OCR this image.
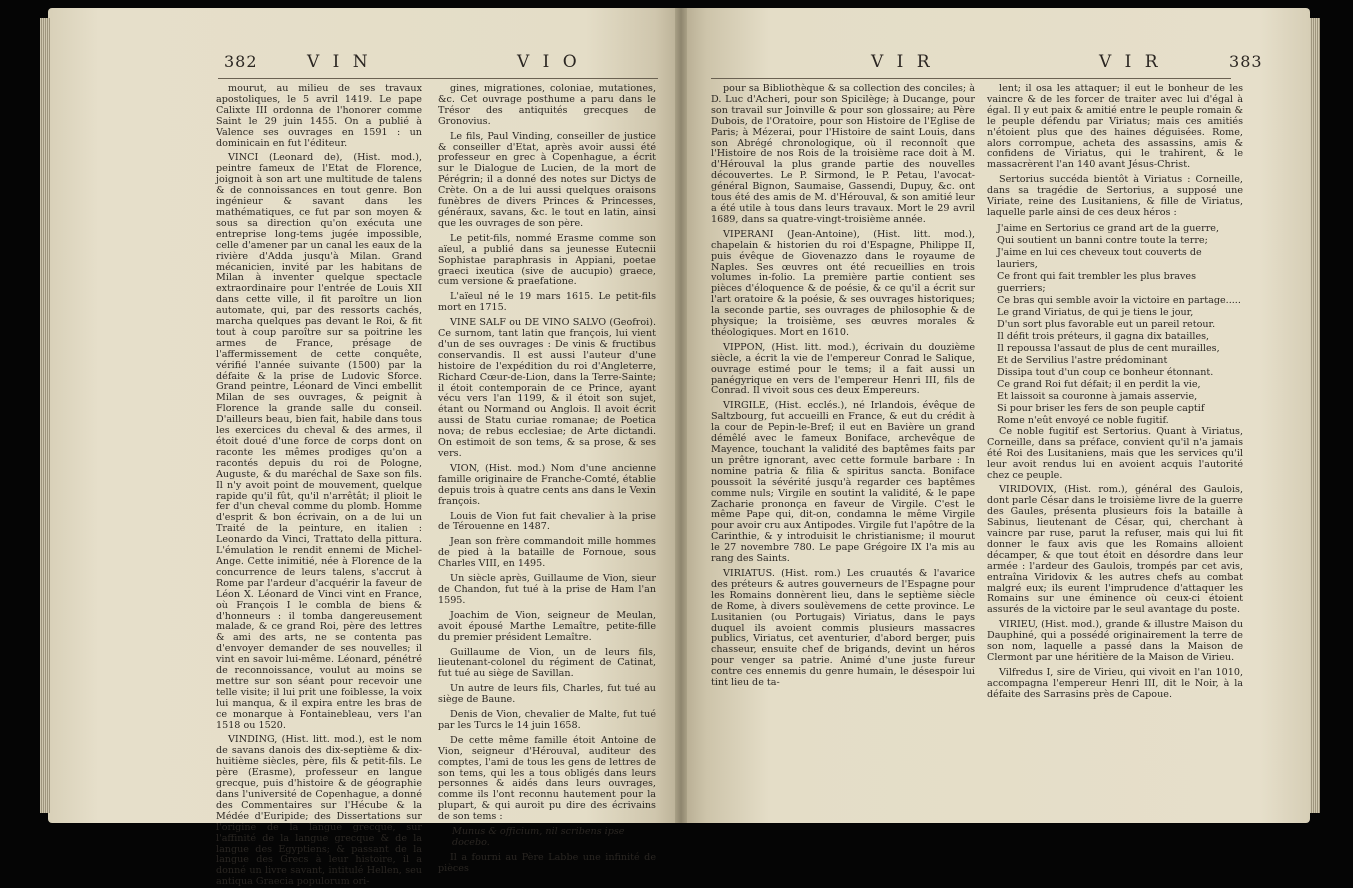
382	V I N	V I O

mourut, au milieu de ses travaux apostoliques, le 5 avril 1419. Le pape Calixte III ordonna de l'honorer comme Saint le 29 juin 1455. On a publié à Valence ses ouvrages en 1591 : un dominicain en fut l'éditeur.

VINCI (Leonard de), (Hist. mod.), peintre fameux de l'Etat de Florence, joignoit à son art une multitude de talens & de connoissances en tout genre. Bon ingénieur & savant dans les mathématiques, ce fut par son moyen & sous sa direction qu'on exécuta une entreprise long-tems jugée impossible, celle d'amener par un canal les eaux de la rivière d'Adda jusqu'à Milan. Grand mécanicien, invité par les habitans de Milan à inventer quelque spectacle extraordinaire pour l'entrée de Louis XII dans cette ville, il fit paroître un lion automate, qui, par des ressorts cachés, marcha quelques pas devant le Roi, & fit tout à coup paroître sur sa poitrine les armes de France, présage de l'affermissement de cette conquête, vérifié l'année suivante (1500) par la défaite & la prise de Ludovic Sforce. Grand peintre, Léonard de Vinci embellit Milan de ses ouvrages, & peignit à Florence la grande salle du conseil. D'ailleurs beau, bien fait, habile dans tous les exercices du cheval & des armes, il étoit doué d'une force de corps dont on raconte les mêmes prodiges qu'on a racontés depuis du roi de Pologne, Auguste, & du maréchal de Saxe son fils. Il n'y avoit point de mouvement, quelque rapide qu'il fût, qu'il n'arrêtât; il plioit le fer d'un cheval comme du plomb. Homme d'esprit & bon écrivain, on a de lui un Traité de la peinture, en italien : Leonardo da Vinci, Trattato della pittura. L'émulation le rendit ennemi de Michel-Ange. Cette inimitié, née à Florence de la concurrence de leurs talens, s'accrut à Rome par l'ardeur d'acquérir la faveur de Léon X. Léonard de Vinci vint en France, où François I le combla de biens & d'honneurs : il tomba dangereusement malade, & ce grand Roi, père des lettres & ami des arts, ne se contenta pas d'envoyer demander de ses nouvelles; il vint en savoir lui-même. Léonard, pénétré de reconnoissance, voulut au moins se mettre sur son séant pour recevoir une telle visite; il lui prit une foiblesse, la voix lui manqua, & il expira entre les bras de ce monarque à Fontainebleau, vers l'an 1518 ou 1520.

VINDING, (Hist. litt. mod.), est le nom de savans danois des dix-septième & dix-huitième siècles, père, fils & petit-fils. Le père (Erasme), professeur en langue grecque, puis d'histoire & de géographie dans l'université de Copenhague, a donné des Commentaires sur l'Hécube & la Médée d'Euripide; des Dissertations sur l'origine de la langue grecque, sur l'affinité de la langue grecque & de la langue des Egyptiens; & passant de la langue des Grecs à leur histoire, il a donné un livre savant, intitulé Hellen, seu antiqua Graecia populorum ori-

gines, migrationes, coloniae, mutationes, &c. Cet ouvrage posthume a paru dans le Trésor des antiquités grecques de Gronovius.

Le fils, Paul Vinding, conseiller de justice & conseiller d'Etat, après avoir aussi été professeur en grec à Copenhague, a écrit sur le Dialogue de Lucien, de la mort de Pérégrin; il a donné des notes sur Dictys de Crète. On a de lui aussi quelques oraisons funèbres de divers Princes & Princesses, généraux, savans, &c. le tout en latin, ainsi que les ouvrages de son père.

Le petit-fils, nommé Erasme comme son aïeul, a publié dans sa jeunesse Eutecnii Sophistae paraphrasis in Appiani, poetae graeci ixeutica (sive de aucupio) graece, cum versione & praefatione.

L'aïeul né le 19 mars 1615. Le petit-fils mort en 1715.

VINE SALF ou DE VINO SALVO (Geofroi). Ce surnom, tant latin que françois, lui vient d'un de ses ouvrages : De vinis & fructibus conservandis. Il est aussi l'auteur d'une histoire de l'expédition du roi d'Angleterre, Richard Cœur-de-Lion, dans la Terre-Sainte; il étoit contemporain de ce Prince, ayant vécu vers l'an 1199, & il étoit son sujet, étant ou Normand ou Anglois. Il avoit écrit aussi de Statu curiae romanae; de Poetica nova; de rebus ecclesiae; de Arte dictandi. On estimoit de son tems, & sa prose, & ses vers.

VION, (Hist. mod.) Nom d'une ancienne famille originaire de Franche-Comté, établie depuis trois à quatre cents ans dans le Vexin françois.

Louis de Vion fut fait chevalier à la prise de Térouenne en 1487.

Jean son frère commandoit mille hommes de pied à la bataille de Fornoue, sous Charles VIII, en 1495.

Un siècle après, Guillaume de Vion, sieur de Chandon, fut tué à la prise de Ham l'an 1595.

Joachim de Vion, seigneur de Meulan, avoit épousé Marthe Lemaître, petite-fille du premier président Lemaître.

Guillaume de Vion, un de leurs fils, lieutenant-colonel du régiment de Catinat, fut tué au siège de Savillan.

Un autre de leurs fils, Charles, fut tué au siège de Baune.

Denis de Vion, chevalier de Malte, fut tué par les Turcs le 14 juin 1658.

De cette même famille étoit Antoine de Vion, seigneur d'Hérouval, auditeur des comptes, l'ami de tous les gens de lettres de son tems, qui les a tous obligés dans leurs personnes & aidés dans leurs ouvrages, comme ils l'ont reconnu hautement pour la plupart, & qui auroit pu dire des écrivains de son tems :

Munus & officium, nil scribens ipse docebo.

Il a fourni au Père Labbe une infinité de pièces

V I R	V I R	383

pour sa Bibliothèque & sa collection des conciles; à D. Luc d'Acheri, pour son Spicilège; à Ducange, pour son travail sur Joinville & pour son glossaire; au Père Dubois, de l'Oratoire, pour son Histoire de l'Eglise de Paris; à Mézerai, pour l'Histoire de saint Louis, dans son Abrégé chronologique, où il reconnoît que l'Histoire de nos Rois de la troisième race doit à M. d'Hérouval la plus grande partie des nouvelles découvertes. Le P. Sirmond, le P. Petau, l'avocat-général Bignon, Saumaise, Gassendi, Dupuy, &c. ont tous été des amis de M. d'Hérouval, & son amitié leur a été utile à tous dans leurs travaux. Mort le 29 avril 1689, dans sa quatre-vingt-troisième année.

VIPERANI (Jean-Antoine), (Hist. litt. mod.), chapelain & historien du roi d'Espagne, Philippe II, puis évêque de Giovenazzo dans le royaume de Naples. Ses œuvres ont été recueillies en trois volumes in-folio. La première partie contient ses pièces d'éloquence & de poésie, & ce qu'il a écrit sur l'art oratoire & la poésie, & ses ouvrages historiques; la seconde partie, ses ouvrages de philosophie & de physique; la troisième, ses œuvres morales & théologiques. Mort en 1610.

VIPPON, (Hist. litt. mod.), écrivain du douzième siècle, a écrit la vie de l'empereur Conrad le Salique, ouvrage estimé pour le tems; il a fait aussi un panégyrique en vers de l'empereur Henri III, fils de Conrad. Il vivoit sous ces deux Empereurs.

VIRGILE, (Hist. ecclés.), né Irlandois, évêque de Saltzbourg, fut accueilli en France, & eut du crédit à la cour de Pepin-le-Bref; il eut en Bavière un grand démêlé avec le fameux Boniface, archevêque de Mayence, touchant la validité des baptêmes faits par un prêtre ignorant, avec cette formule barbare : In nomine patria & filia & spiritus sancta. Boniface poussoit la sévérité jusqu'à regarder ces baptêmes comme nuls; Virgile en soutint la validité, & le pape Zacharie prononça en faveur de Virgile. C'est le même Pape qui, dit-on, condamna le même Virgile pour avoir cru aux Antipodes. Virgile fut l'apôtre de la Carinthie, & y introduisit le christianisme; il mourut le 27 novembre 780. Le pape Grégoire IX l'a mis au rang des Saints.

VIRIATUS. (Hist. rom.) Les cruautés & l'avarice des préteurs & autres gouverneurs de l'Espagne pour les Romains donnèrent lieu, dans le septième siècle de Rome, à divers soulèvemens de cette province. Le Lusitanien (ou Portugais) Viriatus, dans le pays duquel ils avoient commis plusieurs massacres publics, Viriatus, cet aventurier, d'abord berger, puis chasseur, ensuite chef de brigands, devint un héros pour venger sa patrie. Animé d'une juste fureur contre ces ennemis du genre humain, le désespoir lui tint lieu de ta-

lent; il osa les attaquer; il eut le bonheur de les vaincre & de les forcer de traiter avec lui d'égal à égal. Il y eut paix & amitié entre le peuple romain & le peuple défendu par Viriatus; mais ces amitiés n'étoient plus que des haines déguisées. Rome, alors corrompue, acheta des assassins, amis & confidens de Viriatus, qui le trahirent, & le massacrèrent l'an 140 avant Jésus-Christ.

Sertorius succéda bientôt à Viriatus : Corneille, dans sa tragédie de Sertorius, a supposé une Viriate, reine des Lusitaniens, & fille de Viriatus, laquelle parle ainsi de ces deux héros :

J'aime en Sertorius ce grand art de la guerre,

Qui soutient un banni contre toute la terre;

J'aime en lui ces cheveux tout couverts de lauriers,

Ce front qui fait trembler les plus braves guerriers;

Ce bras qui semble avoir la victoire en partage.....

Le grand Viriatus, de qui je tiens le jour,

D'un sort plus favorable eut un pareil retour.

Il défit trois préteurs, il gagna dix batailles,

Il repoussa l'assaut de plus de cent murailles,

Et de Servilius l'astre prédominant

Dissipa tout d'un coup ce bonheur étonnant.

Ce grand Roi fut défait; il en perdit la vie,

Et laissoit sa couronne à jamais asservie,

Si pour briser les fers de son peuple captif

Rome n'eût envoyé ce noble fugitif.

Ce noble fugitif est Sertorius. Quant à Viriatus, Corneille, dans sa préface, convient qu'il n'a jamais été Roi des Lusitaniens, mais que les services qu'il leur avoit rendus lui en avoient acquis l'autorité chez ce peuple.

VIRIDOVIX, (Hist. rom.), général des Gaulois, dont parle César dans le troisième livre de la guerre des Gaules, présenta plusieurs fois la bataille à Sabinus, lieutenant de César, qui, cherchant à vaincre par ruse, parut la refuser, mais qui lui fit donner le faux avis que les Romains alloient décamper, & que tout étoit en désordre dans leur armée : l'ardeur des Gaulois, trompés par cet avis, entraîna Viridovix & les autres chefs au combat malgré eux; ils eurent l'imprudence d'attaquer les Romains sur une éminence où ceux-ci étoient assurés de la victoire par le seul avantage du poste.

VIRIEU, (Hist. mod.), grande & illustre Maison du Dauphiné, qui a possédé originairement la terre de son nom, laquelle a passé dans la Maison de Clermont par une héritière de la Maison de Virieu.

Vilfredus I, sire de Virieu, qui vivoit en l'an 1010, accompagna l'empereur Henri III, dit le Noir, à la défaite des Sarrasins près de Capoue.
